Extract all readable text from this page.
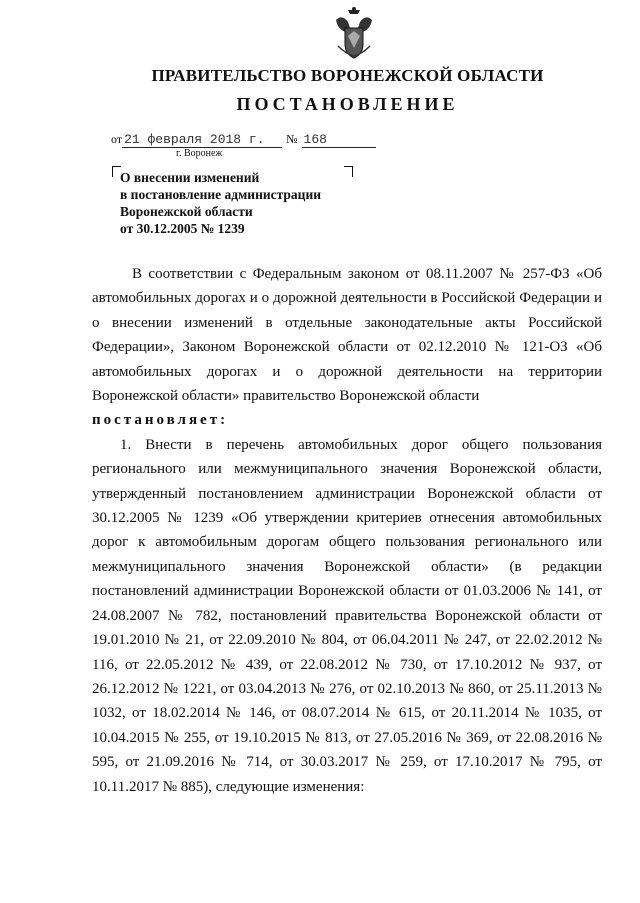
ПРАВИТЕЛЬСТВО ВОРОНЕЖСКОЙ ОБЛАСТИ
ПОСТАНОВЛЕНИЕ
от 21 февраля 2018 г.	№ 168
г. Воронеж
О внесении изменений
в постановление администрации
Воронежской области
от 30.12.2005 № 1239

В соответствии с Федеральным законом от 08.11.2007 № 257-ФЗ «Об автомобильных дорогах и о дорожной деятельности в Российской Федерации и о внесении изменений в отдельные законодательные акты Российской Федерации», Законом Воронежской области от 02.12.2010 № 121-ОЗ «Об автомобильных дорогах и о дорожной деятельности на территории Воронежской области» правительство Воронежской области

постановляет:

1. Внести в перечень автомобильных дорог общего пользования регионального или межмуниципального значения Воронежской области, утвержденный постановлением администрации Воронежской области от 30.12.2005 № 1239 «Об утверждении критериев отнесения автомобильных дорог к автомобильным дорогам общего пользования регионального или межмуниципального значения Воронежской области» (в редакции постановлений администрации Воронежской области от 01.03.2006 № 141, от 24.08.2007 № 782, постановлений правительства Воронежской области от 19.01.2010 № 21, от 22.09.2010 № 804, от 06.04.2011 № 247, от 22.02.2012 № 116, от 22.05.2012 № 439, от 22.08.2012 № 730, от 17.10.2012 № 937, от 26.12.2012 № 1221, от 03.04.2013 № 276, от 02.10.2013 № 860, от 25.11.2013 № 1032, от 18.02.2014 № 146, от 08.07.2014 № 615, от 20.11.2014 № 1035, от 10.04.2015 № 255, от 19.10.2015 № 813, от 27.05.2016 № 369, от 22.08.2016 № 595, от 21.09.2016 № 714, от 30.03.2017 № 259, от 17.10.2017 № 795, от 10.11.2017 № 885), следующие изменения:
